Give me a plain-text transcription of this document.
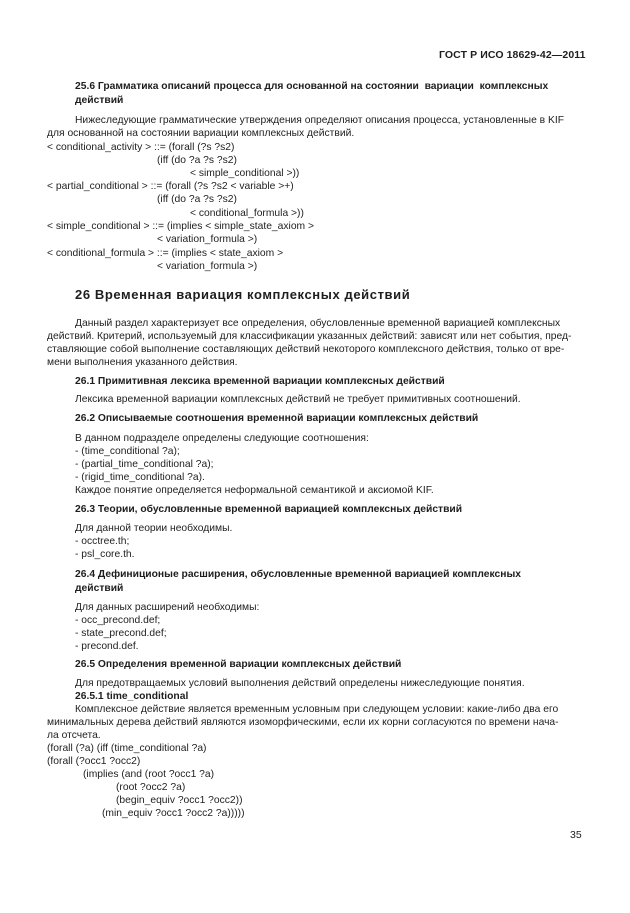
ГОСТ Р ИСО 18629-42—2011
25.6 Грамматика описаний процесса для основанной на состоянии  вариации  комплексных
действий
Нижеследующие грамматические утверждения определяют описания процесса, установленные в KIF
для основанной на состоянии вариации комплексных действий.
< conditional_activity > ::= (forall (?s ?s2)
(iff (do ?a ?s ?s2)
< simple_conditional >))
< partial_conditional > ::= (forall (?s ?s2 < variable >+)
(iff (do ?a ?s ?s2)
< conditional_formula >))
< simple_conditional > ::= (implies < simple_state_axiom >
< variation_formula >)
< conditional_formula > ::= (implies < state_axiom >
< variation_formula >)
26 Временная вариация комплексных действий
Данный раздел характеризует все определения, обусловленные временной вариацией комплексных
действий. Критерий, используемый для классификации указанных действий: зависят или нет события, пред-
ставляющие собой выполнение составляющих действий некоторого комплексного действия, только от вре-
мени выполнения указанного действия.
26.1 Примитивная лексика временной вариации комплексных действий
Лексика временной вариации комплексных действий не требует примитивных соотношений.
26.2 Описываемые соотношения временной вариации комплексных действий
В данном подразделе определены следующие соотношения:
- (time_conditional ?a);
- (partial_time_conditional ?a);
- (rigid_time_conditional ?a).
Каждое понятие определяется неформальной семантикой и аксиомой KIF.
26.3 Теории, обусловленные временной вариацией комплексных действий
Для данной теории необходимы.
- occtree.th;
- psl_core.th.
26.4 Дефиниционые расширения, обусловленные временной вариацией комплексных
действий
Для данных расширений необходимы:
- occ_precond.def;
- state_precond.def;
- precond.def.
26.5 Определения временной вариации комплексных действий
Для предотвращаемых условий выполнения действий определены нижеследующие понятия.
26.5.1 time_conditional
Комплексное действие является временным условным при следующем условии: какие-либо два его
минимальных дерева действий являются изоморфическими, если их корни согласуются по времени нача-
ла отсчета.
(forall (?a) (iff (time_conditional ?a)
(forall (?occ1 ?occ2)
(implies (and (root ?occ1 ?a)
(root ?occ2 ?a)
(begin_equiv ?occ1 ?occ2))
(min_equiv ?occ1 ?occ2 ?a)))))
35
